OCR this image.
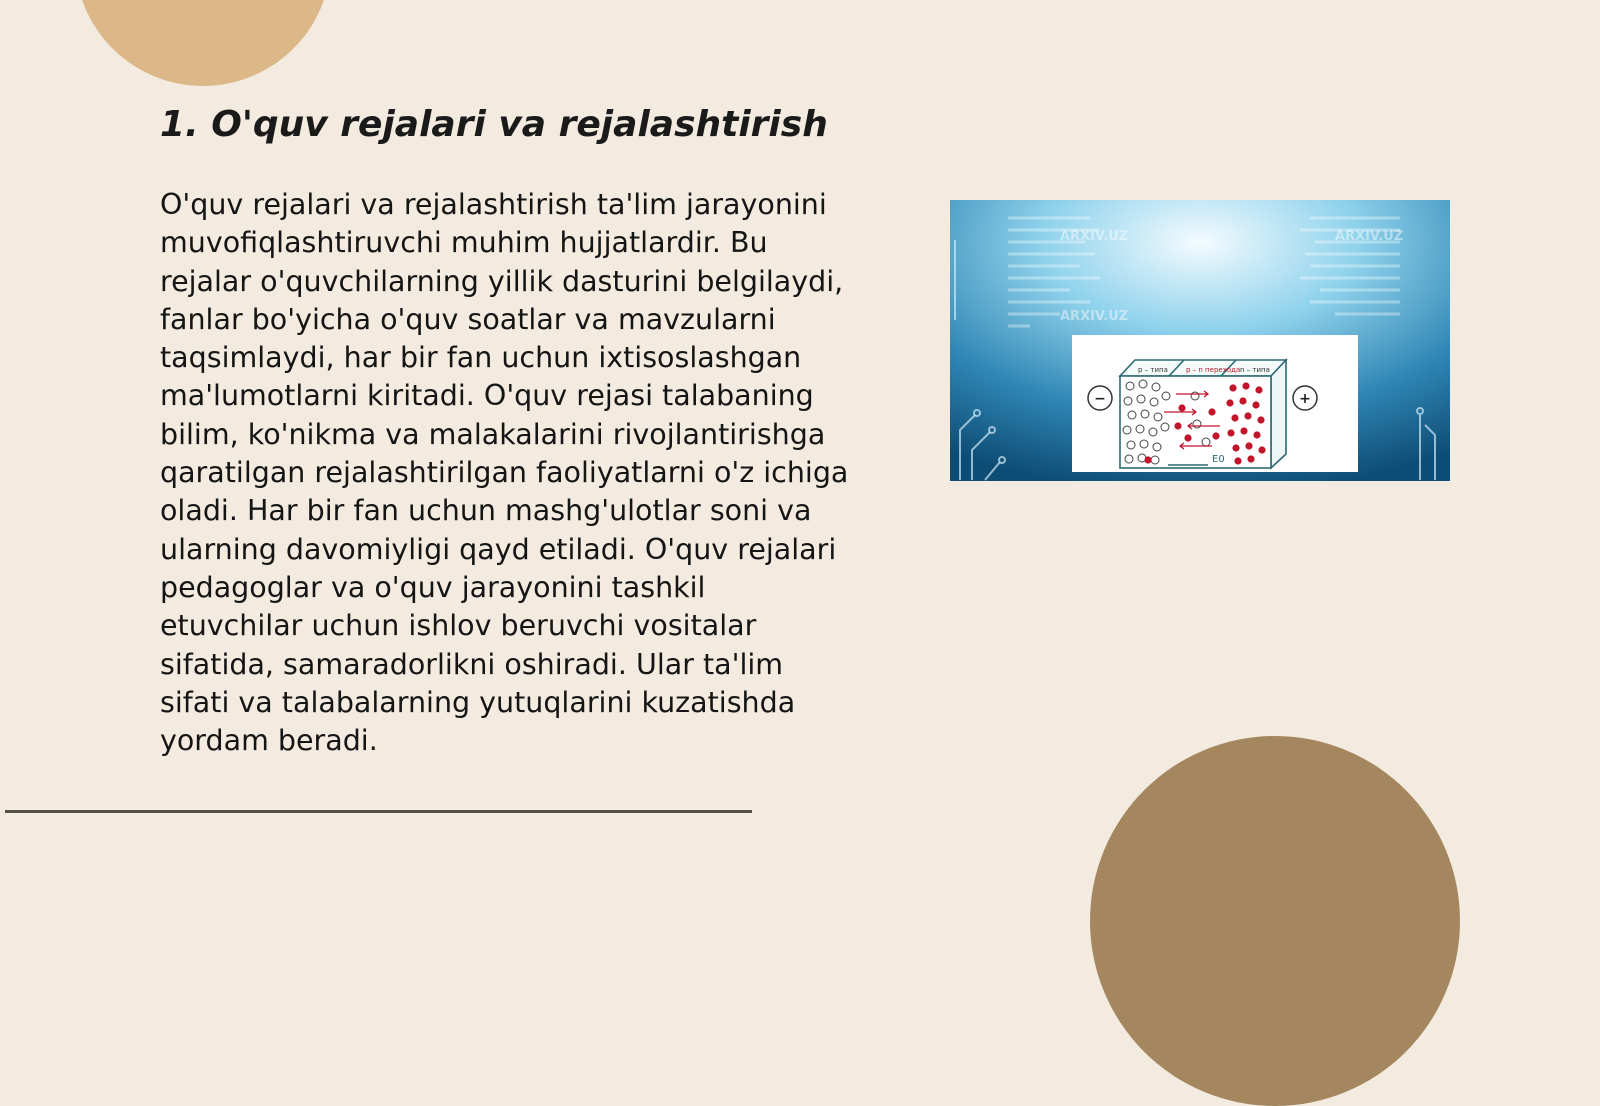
1. O'quv rejalari va rejalashtirish

O'quv rejalari va rejalashtirish ta'lim jarayonini muvofiqlashtiruvchi muhim hujjatlardir. Bu rejalar o'quvchilarning yillik dasturini belgilaydi, fanlar bo'yicha o'quv soatlar va mavzularni taqsimlaydi, har bir fan uchun ixtisoslashgan ma'lumotlarni kiritadi. O'quv rejasi talabaning bilim, ko'nikma va malakalarini rivojlantirishga qaratilgan rejalashtirilgan faoliyatlarni o'z ichiga oladi. Har bir fan uchun mashg'ulotlar soni va ularning davomiyligi qayd etiladi. O'quv rejalari pedagoglar va o'quv jarayonini tashkil etuvchilar uchun ishlov beruvchi vositalar sifatida, samaradorlikni oshiradi. Ular ta'lim sifati va talabalarning yutuqlarini kuzatishda yordam beradi.

ARXIV.UZ
ARXIV.UZ
ARXIV.UZ
p – типа	p – n перехода n – типа
E0
−	+
